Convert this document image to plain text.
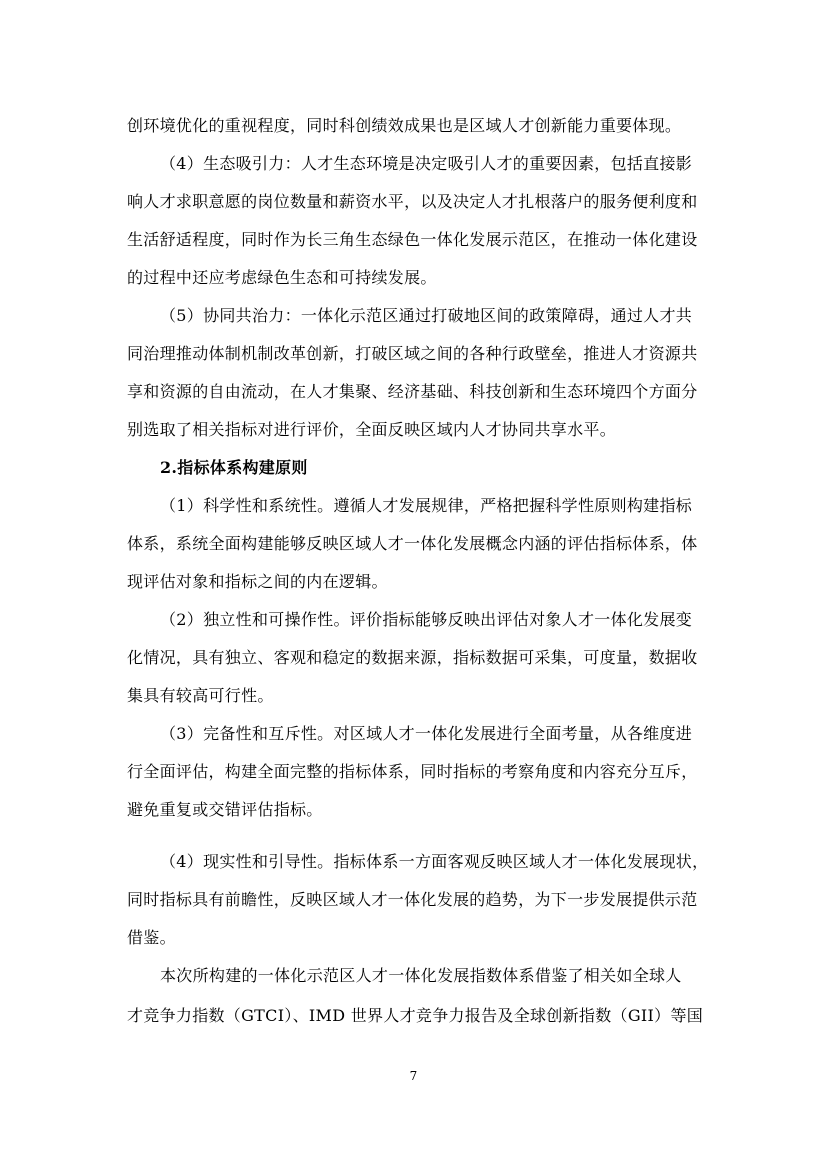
创环境优化的重视程度，同时科创绩效成果也是区域人才创新能力重要体现。
（4）生态吸引力：人才生态环境是决定吸引人才的重要因素，包括直接影
响人才求职意愿的岗位数量和薪资水平，以及决定人才扎根落户的服务便利度和
生活舒适程度，同时作为长三角生态绿色一体化发展示范区，在推动一体化建设
的过程中还应考虑绿色生态和可持续发展。
（5）协同共治力：一体化示范区通过打破地区间的政策障碍，通过人才共
同治理推动体制机制改革创新，打破区域之间的各种行政壁垒，推进人才资源共
享和资源的自由流动，在人才集聚、经济基础、科技创新和生态环境四个方面分
别选取了相关指标对进行评价，全面反映区域内人才协同共享水平。
2.指标体系构建原则
（1）科学性和系统性。遵循人才发展规律，严格把握科学性原则构建指标
体系，系统全面构建能够反映区域人才一体化发展概念内涵的评估指标体系，体
现评估对象和指标之间的内在逻辑。
（2）独立性和可操作性。评价指标能够反映出评估对象人才一体化发展变
化情况，具有独立、客观和稳定的数据来源，指标数据可采集，可度量，数据收
集具有较高可行性。
（3）完备性和互斥性。对区域人才一体化发展进行全面考量，从各维度进
行全面评估，构建全面完整的指标体系，同时指标的考察角度和内容充分互斥，
避免重复或交错评估指标。
（4）现实性和引导性。指标体系一方面客观反映区域人才一体化发展现状，
同时指标具有前瞻性，反映区域人才一体化发展的趋势，为下一步发展提供示范
借鉴。
本次所构建的一体化示范区人才一体化发展指数体系借鉴了相关如全球人
才竞争力指数（GTCI）、IMD 世界人才竞争力报告及全球创新指数（GII）等国
7
